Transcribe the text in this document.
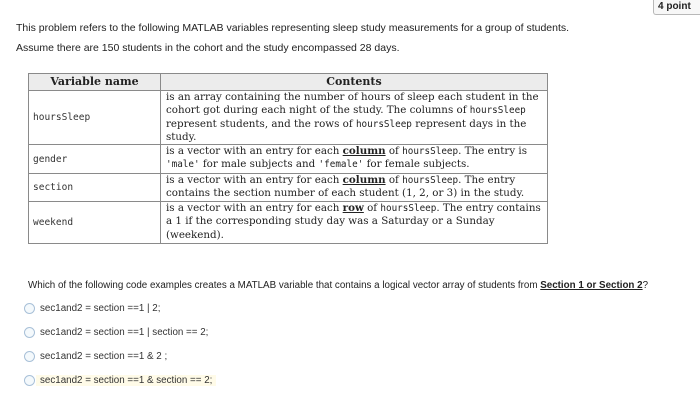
4 point

This problem refers to the following MATLAB variables representing sleep study measurements for a group of students.

Assume there are 150 students in the cohort and the study encompassed 28 days.

Variable name	Contents
hoursSleep	is an array containing the number of hours of sleep each student in the cohort got during each night of the study. The columns of hoursSleep represent students, and the rows of hoursSleep represent days in the study.
gender	is a vector with an entry for each column of hoursSleep. The entry is 'male' for male subjects and 'female' for female subjects.
section	is a vector with an entry for each column of hoursSleep. The entry contains the section number of each student (1, 2, or 3) in the study.
weekend	is a vector with an entry for each row of hoursSleep. The entry contains a 1 if the corresponding study day was a Saturday or a Sunday (weekend).
Which of the following code examples creates a MATLAB variable that contains a logical vector array of students from Section 1 or Section 2?
sec1and2 = section ==1 | 2;
sec1and2 = section ==1 | section == 2;
sec1and2 = section ==1 & 2 ;
sec1and2 = section ==1 & section == 2;
